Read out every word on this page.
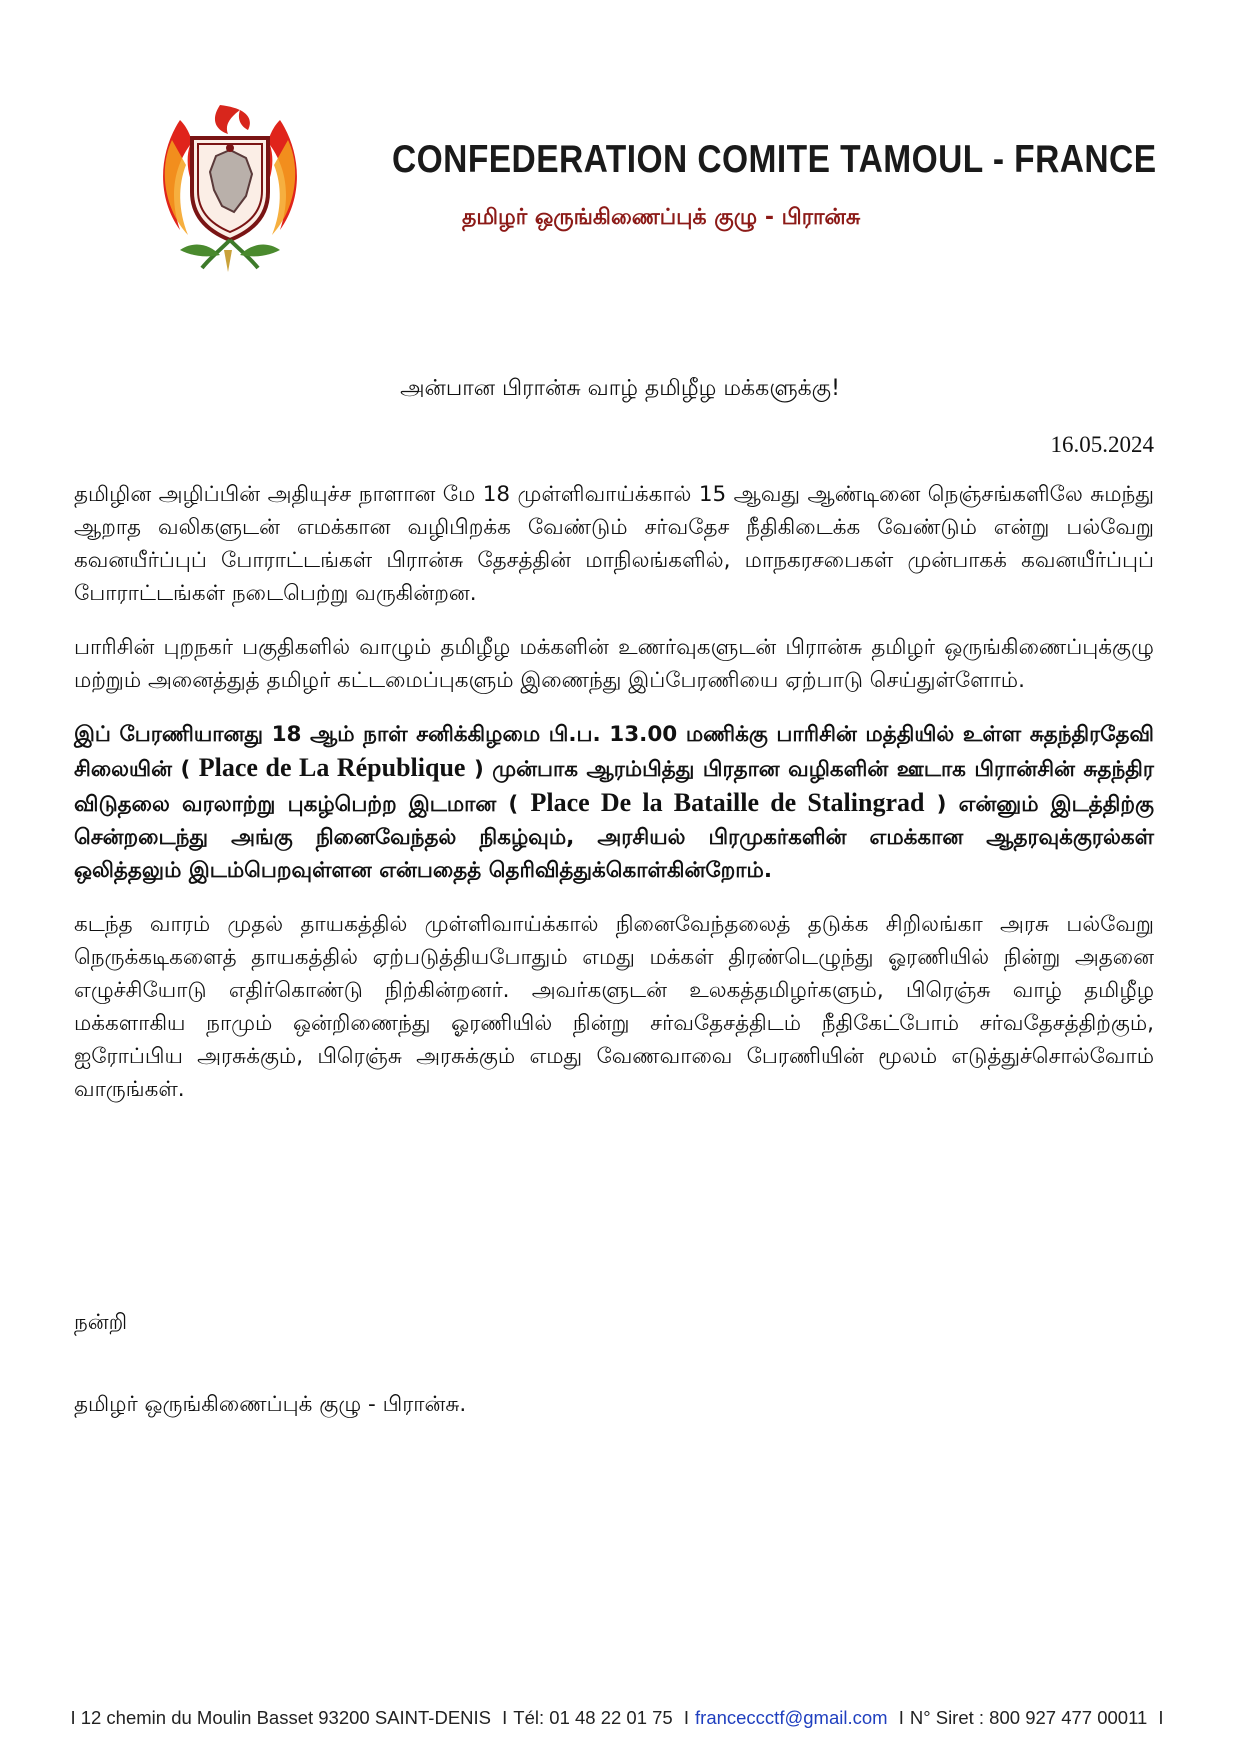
CONFEDERATION COMITE TAMOUL - FRANCE
தமிழர் ஒருங்கிணைப்புக் குழு - பிரான்சு
அன்பான பிரான்சு வாழ் தமிழீழ மக்களுக்கு!
16.05.2024

தமிழின அழிப்பின் அதியுச்ச நாளான மே 18 முள்ளிவாய்க்கால் 15 ஆவது ஆண்டினை நெஞ்சங்களிலே சுமந்து ஆறாத வலிகளுடன் எமக்கான வழிபிறக்க வேண்டும் சர்வதேச நீதிகிடைக்க வேண்டும் என்று பல்வேறு கவனயீர்ப்புப் போராட்டங்கள் பிரான்சு தேசத்தின் மாநிலங்களில், மாநகரசபைகள் முன்பாகக் கவனயீர்ப்புப் போராட்டங்கள் நடைபெற்று வருகின்றன.

பாரிசின் புறநகர் பகுதிகளில் வாழும் தமிழீழ மக்களின் உணர்வுகளுடன் பிரான்சு தமிழர் ஒருங்கிணைப்புக்குழு மற்றும் அனைத்துத் தமிழர் கட்டமைப்புகளும் இணைந்து இப்பேரணியை ஏற்பாடு செய்துள்ளோம்.

இப் பேரணியானது 18 ஆம் நாள் சனிக்கிழமை பி.ப. 13.00 மணிக்கு பாரிசின் மத்தியில் உள்ள சுதந்திரதேவி சிலையின் ( Place de La République ) முன்பாக ஆரம்பித்து பிரதான வழிகளின் ஊடாக பிரான்சின் சுதந்திர விடுதலை வரலாற்று புகழ்பெற்ற இடமான ( Place De la Bataille de Stalingrad ) என்னும் இடத்திற்கு சென்றடைந்து அங்கு நினைவேந்தல் நிகழ்வும், அரசியல் பிரமுகர்களின் எமக்கான ஆதரவுக்குரல்கள் ஒலித்தலும் இடம்பெறவுள்ளன என்பதைத் தெரிவித்துக்கொள்கின்றோம்.

கடந்த வாரம் முதல் தாயகத்தில் முள்ளிவாய்க்கால் நினைவேந்தலைத் தடுக்க சிறிலங்கா அரசு பல்வேறு நெருக்கடிகளைத் தாயகத்தில் ஏற்படுத்தியபோதும் எமது மக்கள் திரண்டெழுந்து ஓரணியில் நின்று அதனை எழுச்சியோடு எதிர்கொண்டு நிற்கின்றனர். அவர்களுடன் உலகத்தமிழர்களும், பிரெஞ்சு வாழ் தமிழீழ மக்களாகிய நாமும் ஒன்றிணைந்து ஓரணியில் நின்று சர்வதேசத்திடம் நீதிகேட்போம் சர்வதேசத்திற்கும், ஐரோப்பிய அரசுக்கும், பிரெஞ்சு அரசுக்கும் எமது வேணவாவை பேரணியின் மூலம் எடுத்துச்சொல்வோம் வாருங்கள்.

நன்றி
தமிழர் ஒருங்கிணைப்புக் குழு - பிரான்சு.
I 12 chemin du Moulin Basset 93200 SAINT-DENIS I Tél: 01 48 22 01 75 I franceccctf@gmail.com I N° Siret : 800 927 477 00011 I
